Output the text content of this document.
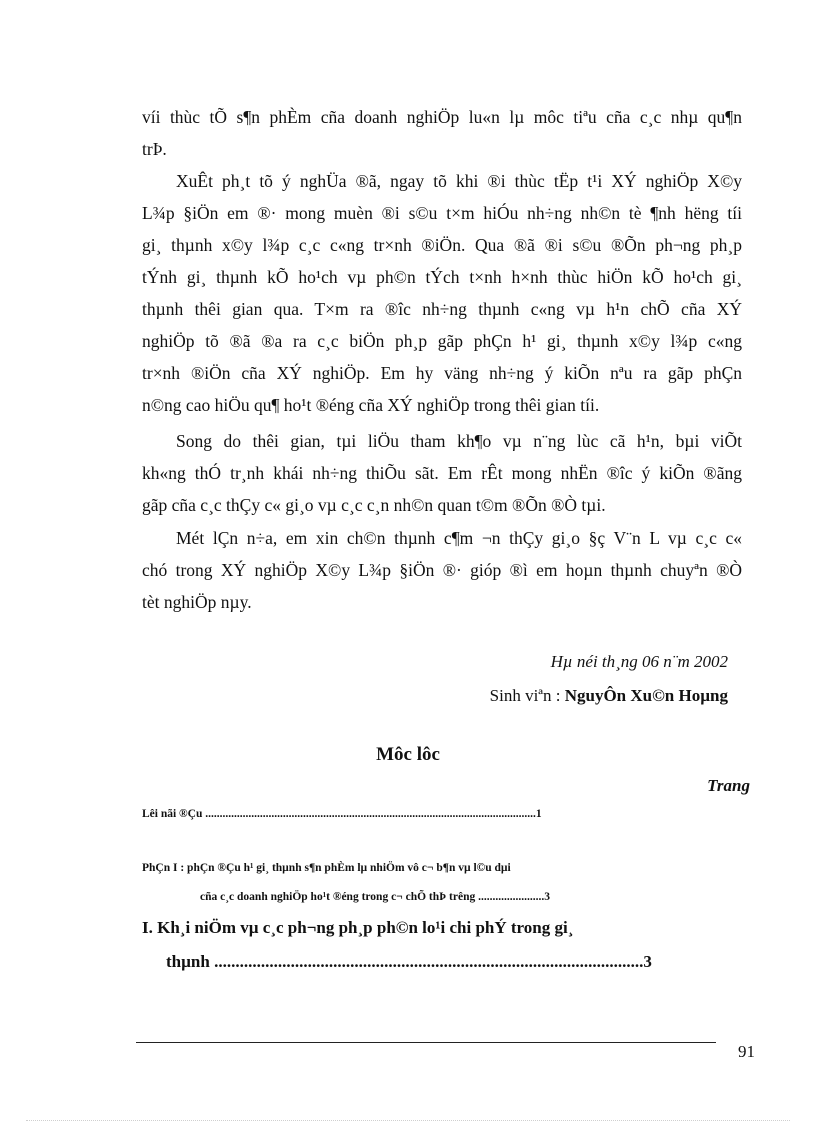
víi thùc tÕ s¶n phÈm cña doanh nghiÖp lu«n lµ môc tiªu cña c¸c nhµ qu¶n
trÞ.

XuÊt ph¸t tõ ý nghÜa ®ã, ngay tõ khi ®i thùc tËp t¹i XÝ nghiÖp X©y
L¾p §iÖn em ®· mong muèn ®i s©u t×m hiÓu nh÷ng nh©n tè ¶nh hëng tíi
gi¸ thµnh x©y l¾p c¸c c«ng tr×nh ®iÖn. Qua ®ã ®i s©u ®Õn ph¬ng ph¸p
tÝnh gi¸ thµnh kÕ ho¹ch vµ ph©n tÝch t×nh h×nh thùc hiÖn kÕ ho¹ch gi¸
thµnh thêi gian qua. T×m ra ®îc nh÷ng thµnh c«ng vµ h¹n chÕ cña XÝ
nghiÖp tõ ®ã ®a ra c¸c biÖn ph¸p gãp phÇn h¹ gi¸ thµnh x©y l¾p c«ng
tr×nh ®iÖn cña XÝ nghiÖp. Em hy väng nh÷ng ý kiÕn nªu ra gãp phÇn
n©ng cao hiÖu qu¶ ho¹t ®éng cña XÝ nghiÖp trong thêi gian tíi.

Song do thêi gian, tµi liÖu tham kh¶o vµ n¨ng lùc cã h¹n, bµi viÕt
kh«ng thÓ tr¸nh khái nh÷ng thiÕu sãt. Em rÊt mong nhËn ®îc ý kiÕn ®ãng
gãp cña c¸c thÇy c« gi¸o vµ c¸c c¸n nh©n quan t©m ®Õn ®Ò tµi.

Mét lÇn n÷a, em xin ch©n thµnh c¶m ¬n thÇy gi¸o §ç V¨n L vµ c¸c c«
chó trong XÝ nghiÖp X©y L¾p §iÖn ®· gióp ®ì em hoµn thµnh chuyªn ®Ò
tèt nghiÖp nµy.

Hµ néi th¸ng 06 n¨m 2002
Sinh viªn : NguyÔn Xu©n Hoµng
Môc lôc
Trang
Lêi nãi ®Çu ...................................................................................................................1
PhÇn I : phÇn ®Çu h¹ gi¸ thµnh s¶n phÈm lµ nhiÖm vô c¬ b¶n vµ l©u dµi
cña c¸c doanh nghiÖp ho¹t ®éng trong c¬ chÕ thÞ trêng .......................3
I. Kh¸i niÖm vµ c¸c ph¬ng ph¸p ph©n lo¹i chi phÝ trong gi¸
thµnh .....................................................................................................3
91
